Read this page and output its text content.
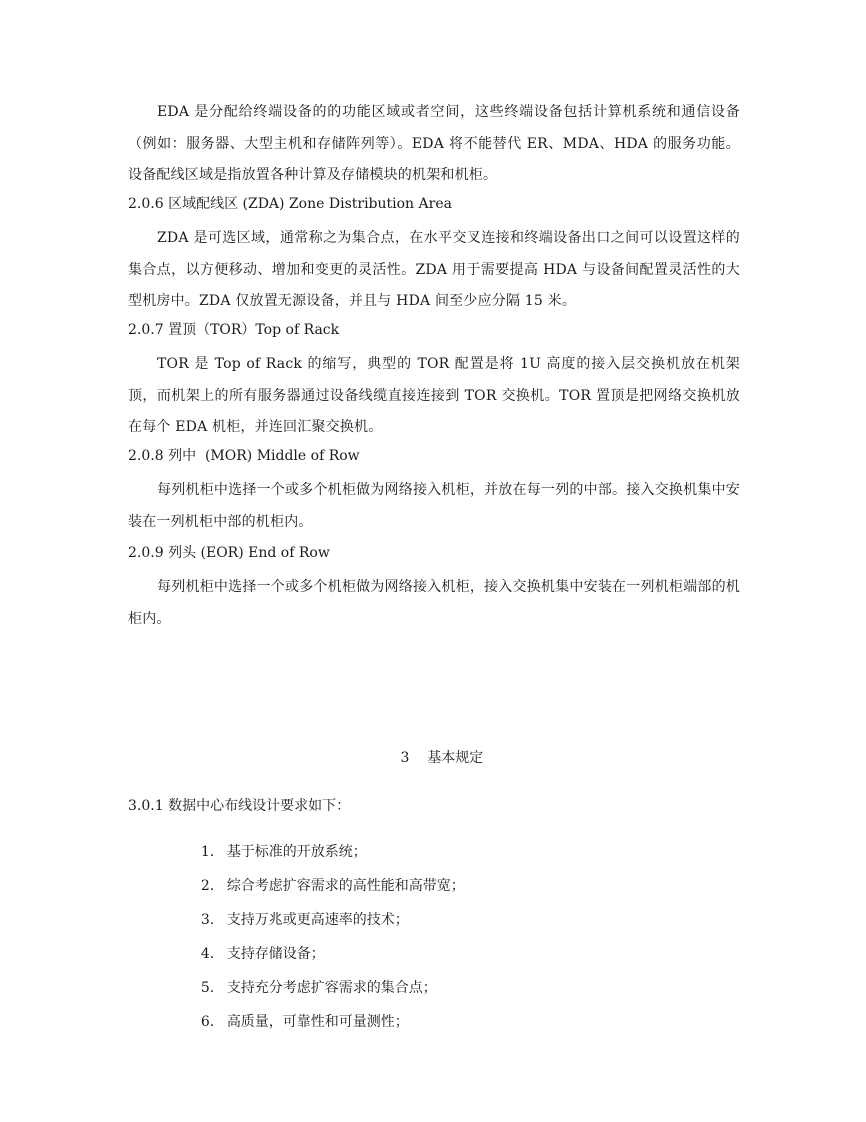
EDA 是分配给终端设备的的功能区域或者空间，这些终端设备包括计算机系统和通信设备（例如：服务器、大型主机和存储阵列等）。EDA 将不能替代 ER、MDA、HDA 的服务功能。设备配线区域是指放置各种计算及存储模块的机架和机柜。
2.0.6 区域配线区 (ZDA) Zone Distribution Area
ZDA 是可选区域，通常称之为集合点，在水平交叉连接和终端设备出口之间可以设置这样的集合点，以方便移动、增加和变更的灵活性。ZDA 用于需要提高 HDA 与设备间配置灵活性的大型机房中。ZDA 仅放置无源设备，并且与 HDA 间至少应分隔 15 米。
2.0.7 置顶（TOR）Top of Rack
TOR 是 Top of Rack 的缩写，典型的 TOR 配置是将 1U 高度的接入层交换机放在机架顶，而机架上的所有服务器通过设备线缆直接连接到 TOR 交换机。TOR 置顶是把网络交换机放在每个 EDA 机柜，并连回汇聚交换机。
2.0.8 列中  (MOR) Middle of Row
每列机柜中选择一个或多个机柜做为网络接入机柜，并放在每一列的中部。接入交换机集中安装在一列机柜中部的机柜内。
2.0.9 列头 (EOR) End of Row
每列机柜中选择一个或多个机柜做为网络接入机柜，接入交换机集中安装在一列机柜端部的机柜内。

3 基本规定

3.0.1 数据中心布线设计要求如下：

1. 基于标准的开放系统；

2. 综合考虑扩容需求的高性能和高带宽；

3. 支持万兆或更高速率的技术；

4. 支持存储设备；

5. 支持充分考虑扩容需求的集合点；

6. 高质量，可靠性和可量测性；
